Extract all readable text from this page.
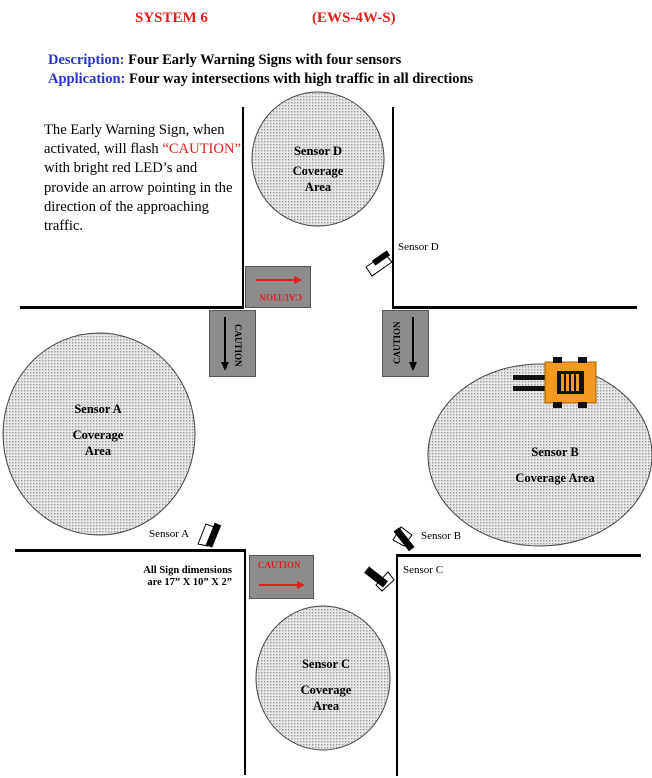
SYSTEM 6	(EWS-4W-S)
Description: Four Early Warning Signs with four sensors
Application: Four way intersections with high traffic in all directions
The Early Warning Sign, when activated, will flash “CAUTION” with bright red LED’s and provide an arrow pointing in the direction of the approaching traffic.
CAUTION
CAUTION	CAUTION
CAUTION
Sensor D
Coverage
Area
Sensor A
Coverage
Area	Sensor B
Coverage Area
Sensor C
Coverage
Area
Sensor D
Sensor A	Sensor B
Sensor C
All Sign dimensions
are 17” X 10” X 2”
